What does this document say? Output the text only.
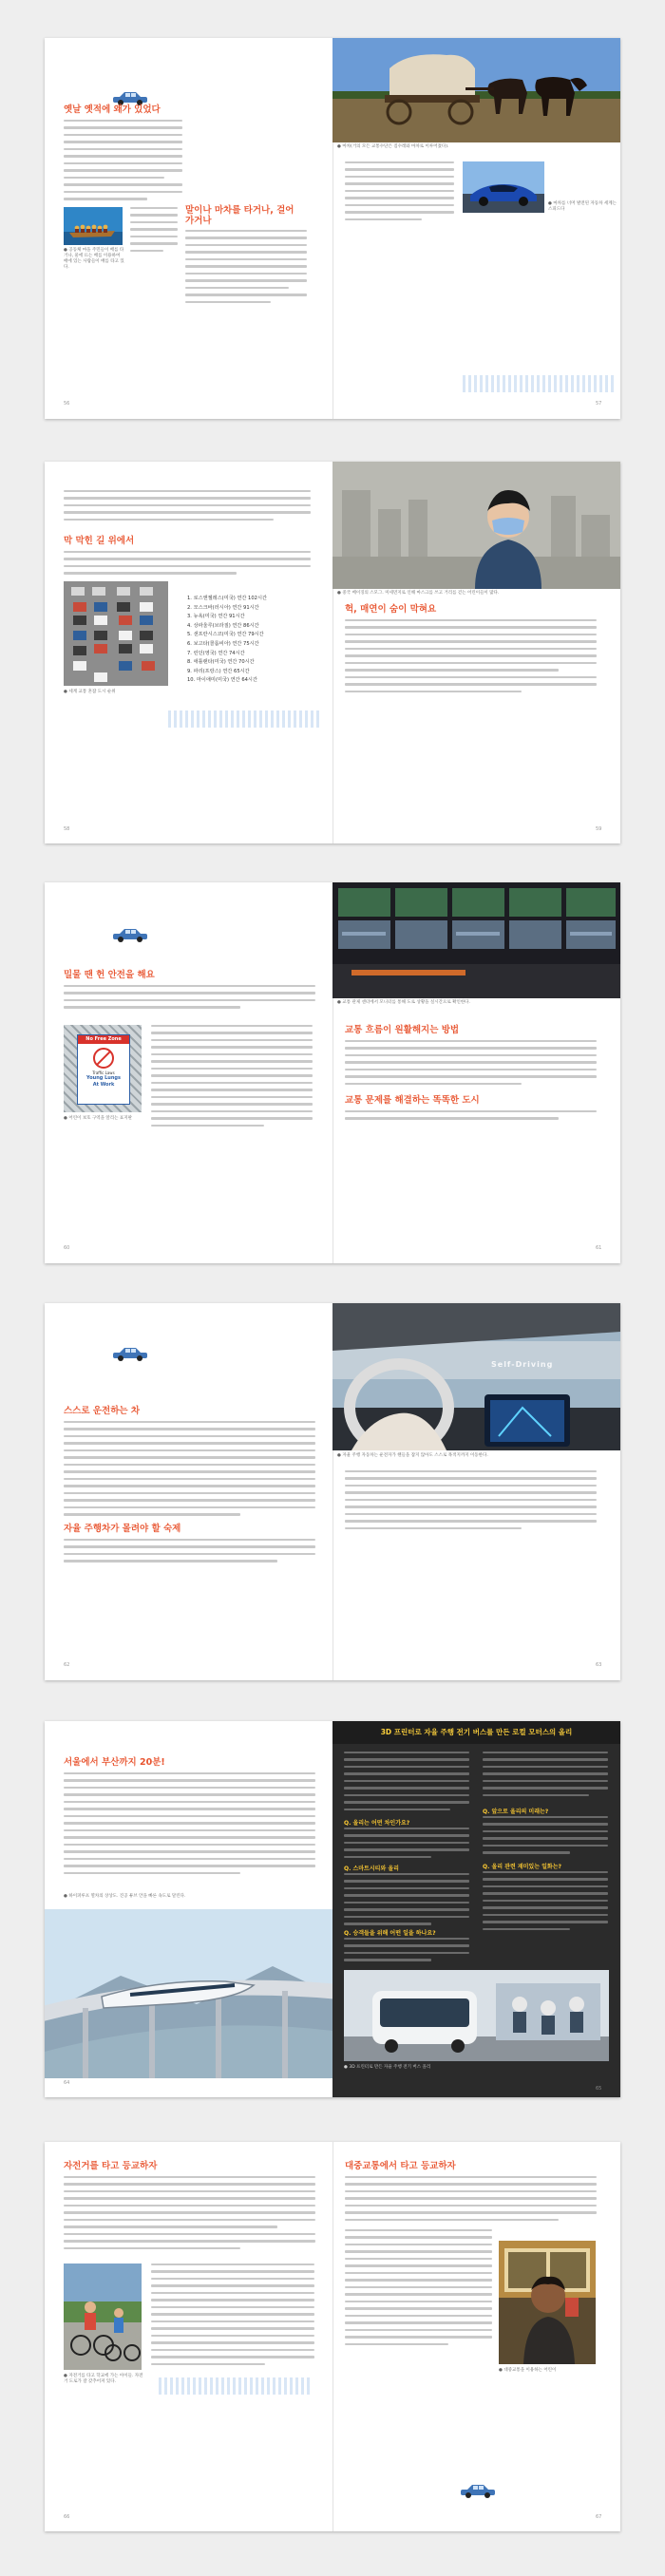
옛날 옛적에 왜가 있었다
● 공동체 마을 주민들이 배를 타거나, 물에 뜨는 배를 이용하여 배에 있는 사람들이 배를 타고 있다.
말이나 마차를 타거나, 걸어가거나
56
● 마차(거의 모든 교통수단은 짐수레와 마차로 이루어졌다).
● 마차를 너머 발전된 자동차 세계는 스피드다
57
막 막힌 길 위에서
● 세계 교통 혼잡 도시 순위
1. 로스앤젤레스(미국) 연간 102시간
2. 모스크바(러시아) 연간 91시간
3. 뉴욕(미국) 연간 91시간
4. 상파울루(브라질) 연간 86시간
5. 샌프란시스코(미국) 연간 79시간
6. 보고타(콜롬비아) 연간 75시간
7. 런던(영국) 연간 74시간
8. 애틀랜타(미국) 연간 70시간
9. 파리(프랑스) 연간 65시간
10. 마이애미(미국) 연간 64시간
58
● 중국 베이징의 스모그. 미세먼지로 인해 마스크를 쓰고 거리를 걷는 어린이들이 많다.
헉, 매연이 숨이 막혀요
59
밀물 땐 헌 안전을 해요
No Free Zone
Traffic Laws
Young Lungs
At Work
● 어린이 보호 구역을 알리는 표지판
60
● 교통 관제 센터에서 모니터를 통해 도로 상황을 실시간으로 확인한다.
교통 흐름이 원활해지는 방법
교통 문제를 해결하는 똑똑한 도시
61
스스로 운전하는 차
자율 주행차가 몰려야 할 숙제
62
Self-Driving
● 자율 주행 자동차는 운전자가 핸들을 잡지 않아도 스스로 목적지까지 이동한다.
63
서울에서 부산까지 20분!
● 하이퍼루프 열차의 상상도. 진공 튜브 안을 빠른 속도로 달린다.
64
3D 프린터로 자율 주행 전기 버스를 만든 로컬 모터스의 올리
Q. 올리는 어떤 차인가요?
Q. 스마트시티와 올리
Q. 승객들을 위해 어떤 일을 하나요?
Q. 앞으로 올리의 미래는?
Q. 올리 관련 재미있는 일화는?
● 3D 프린터로 만든 자율 주행 전기 버스 올리
65
자전거를 타고 등교하자
● 자전거를 타고 학교에 가는 아이들. 자전거 도로가 잘 갖추어져 있다.
66
대중교통에서 타고 등교하자
● 대중교통을 이용하는 어린이
67
